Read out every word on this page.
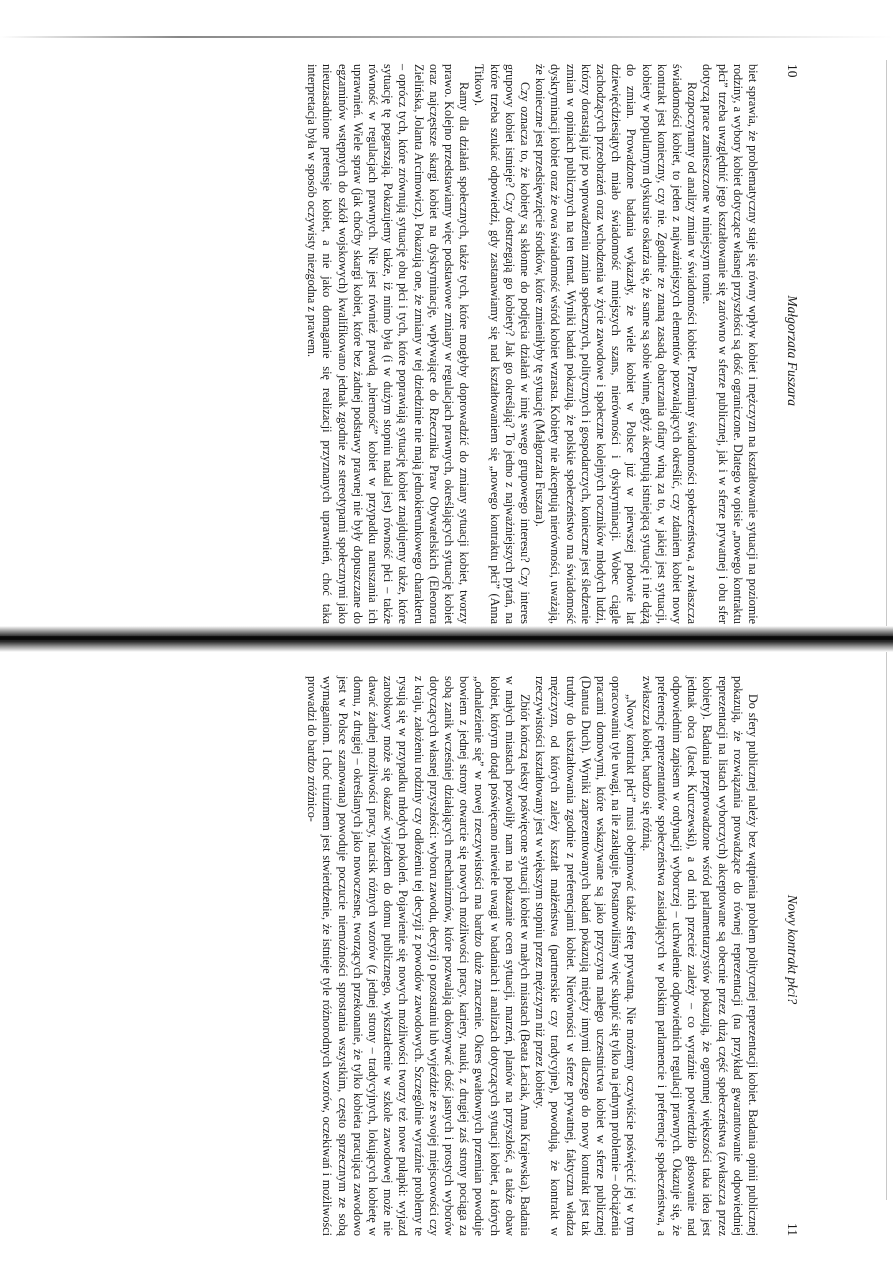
10
Małgorzata Fuszara

biet sprawia, że problematyczny staje się równy wpływ kobiet i mężczyzn na kształtowanie sytuacji na poziomie rodziny, a wybory kobiet dotyczące własnej przyszłości są dość ograniczone. Dlatego w opisie „nowego kontraktu płci” trzeba uwzględnić jego kształtowanie się zarówno w sferze publicznej, jak i w sferze prywatnej i obu sfer dotyczą prace zamieszczone w niniejszym tomie.

Rozpoczynamy od analizy zmian w świadomości kobiet. Przemiany świadomości społeczeństwa, a zwłaszcza świadomości kobiet, to jeden z najważniejszych elementów pozwalających określić, czy zdaniem kobiet nowy kontrakt jest konieczny, czy nie. Zgodnie ze znaną zasadą obarczania ofiary winą za to, w jakiej jest sytuacji, kobiety w popularnym dyskursie oskarża się, że same są sobie winne, gdyż akceptują istniejącą sytuację i nie dążą do zmian. Prowadzone badania wykazały, że wiele kobiet w Polsce już w pierwszej połowie lat dziewięćdziesiątych miało świadomość mniejszych szans, nierówności i dyskryminacji. Wobec ciągle zachodzących przeobrażeń oraz wchodzenia w życie zawodowe i społeczne kolejnych roczników młodych ludzi, którzy dorastają już po wprowadzeniu zmian społecznych, politycznych i gospodarczych, konieczne jest śledzenie zmian w opiniach publicznych na ten temat. Wyniki badań pokazują, że polskie społeczeństwo ma świadomość dyskryminacji kobiet oraz że owa świadomość wśród kobiet wzrasta. Kobiety nie akceptują nierówności, uważają, że konieczne jest przedsięwzięcie środków, które zmieniłyby tę sytuację (Małgorzata Fuszara).

Czy oznacza to, że kobiety są skłonne do podjęcia działań w imię swego grupowego interesu? Czy interes grupowy kobiet istnieje? Czy dostrzegają go kobiety? Jak go określają? To jedno z najważniejszych pytań, na które trzeba szukać odpowiedzi, gdy zastanawiamy się nad kształtowaniem się „nowego kontraktu płci” (Anna Titkow).

Ramy dla działań społecznych, także tych, które mogłyby doprowadzić do zmiany sytuacji kobiet, tworzy prawo. Kolejno przedstawiamy więc podstawowe zmiany w regulacjach prawnych, określających sytuację kobiet oraz najczęstsze skargi kobiet na dyskryminację, wpływające do Rzecznika Praw Obywatelskich (Eleonora Zielińska, Jolanta Arcimowicz). Pokazują one, że zmiany w tej dziedzinie nie mają jednokierunkowego charakteru – oprócz tych, które zrównują sytuację obu płci i tych, które poprawiają sytuację kobiet znajdujemy także, które sytuację tę pogarszają. Pokazujemy także, iż mimo była (i w dużym stopniu nadal jest) równość płci – także równość w regulacjach prawnych. Nie jest również prawdą „bierność” kobiet w przypadku naruszania ich uprawnień. Wiele spraw (jak choćby skargi kobiet, które bez żadnej podstawy prawnej nie były dopuszczane do egzaminów wstępnych do szkół wojskowych) kwalifikowano jednak zgodnie ze stereotypami społecznymi jako nieuzasadnione pretensje kobiet, a nie jako domaganie się realizacji przyznanych uprawnień, choć taka interpretacja była w sposób oczywisty niezgodna z prawem.

Nowy kontrakt płci?
11

Do sfery publicznej należy bez wątpienia problem politycznej reprezentacji kobiet. Badania opinii publicznej pokazują, że rozwiązania prowadzące do równej reprezentacji (na przykład gwarantowanie odpowiedniej reprezentacji na listach wyborczych) akceptowane są obecnie przez dużą część społeczeństwa (zwłaszcza przez kobiety). Badania przeprowadzone wśród parlamentarzystów pokazują, że ogromnej większości taka idea jest jednak obca (Jacek Kurczewski), a od nich przecież zależy – co wyraźnie potwierdziło głosowanie nad odpowiednim zapisem w ordynacji wyborczej – uchwalenie odpowiednich regulacji prawnych. Okazuje się, że preferencje reprezentantów społeczeństwa zasiadających w polskim parlamencie i preferencje społeczeństwa, a zwłaszcza kobiet, bardzo się różnią.

„Nowy kontrakt płci” musi obejmować także sferę prywatną. Nie możemy oczywiście poświęcić jej w tym opracowaniu tyle uwagi, na ile zasługuje. Postanowiliśmy więc skupić się tylko na jednym problemie – obciążenia pracami domowymi, które wskazywane są jako przyczyna małego uczestnictwa kobiet w sferze publicznej (Danuta Duch). Wyniki zaprezentowanych badań pokazują między innymi dlaczego do nowy kontrakt jest tak trudny do ukształtowania zgodnie z preferencjami kobiet. Nierówności w sferze prywatnej, faktyczna władza mężczyzn, od których zależy kształt małżeństwa (partnerskie czy tradycyjne), powodują, że kontrakt w rzeczywistości kształtowany jest w większym stopniu przez mężczyzn niż przez kobiety.

Zbiór kończą teksty poświęcone sytuacji kobiet w małych miastach (Beata Łaciak, Anna Krajewska). Badania w małych miastach pozwoliły nam na pokazanie ocen sytuacji, marzeń, planów na przyszłość, a także obaw kobiet, którym dotąd poświęcano niewiele uwagi w badaniach i analizach dotyczących sytuacji kobiet, a których „odnalezienie się” w nowej rzeczywistości ma bardzo duże znaczenie. Okres gwałtownych przemian powoduje bowiem z jednej strony otwarcie się nowych możliwości pracy, kariery, nauki, z drugiej zaś strony pociąga za sobą zanik wcześniej działających mechanizmów, które pozwalają dokonywać dość jasnych i prostych wyborów dotyczących własnej przyszłości: wyboru zawodu, decyzji o pozostaniu lub wyjeździe ze swojej miejscowości czy z kraju, założeniu rodziny czy odłożeniu tej decyzji z powodów zawodowych. Szczególnie wyraźnie problemy te rysują się w przypadku młodych pokoleń. Pojawienie się nowych możliwości tworzy też nowe pułapki: wyjazd zarobkowy może się okazać wyjazdem do domu publicznego, wykształcenie w szkole zawodowej może nie dawać żadnej możliwości pracy, nacisk różnych wzorów (z jednej strony – tradycyjnych, lokujących kobietę w domu, z drugiej – określanych jako nowoczesne, tworzących przekonanie, że tylko kobieta pracująca zawodowo jest w Polsce szanowana) powoduje poczucie niemożności sprostania wszystkim, często sprzecznym ze sobą wymaganiom. I choć truizmem jest stwierdzenie, że istnieje tyle różnorodnych wzorów, oczekiwań i możliwości prowadzi do bardzo zróżnico-
